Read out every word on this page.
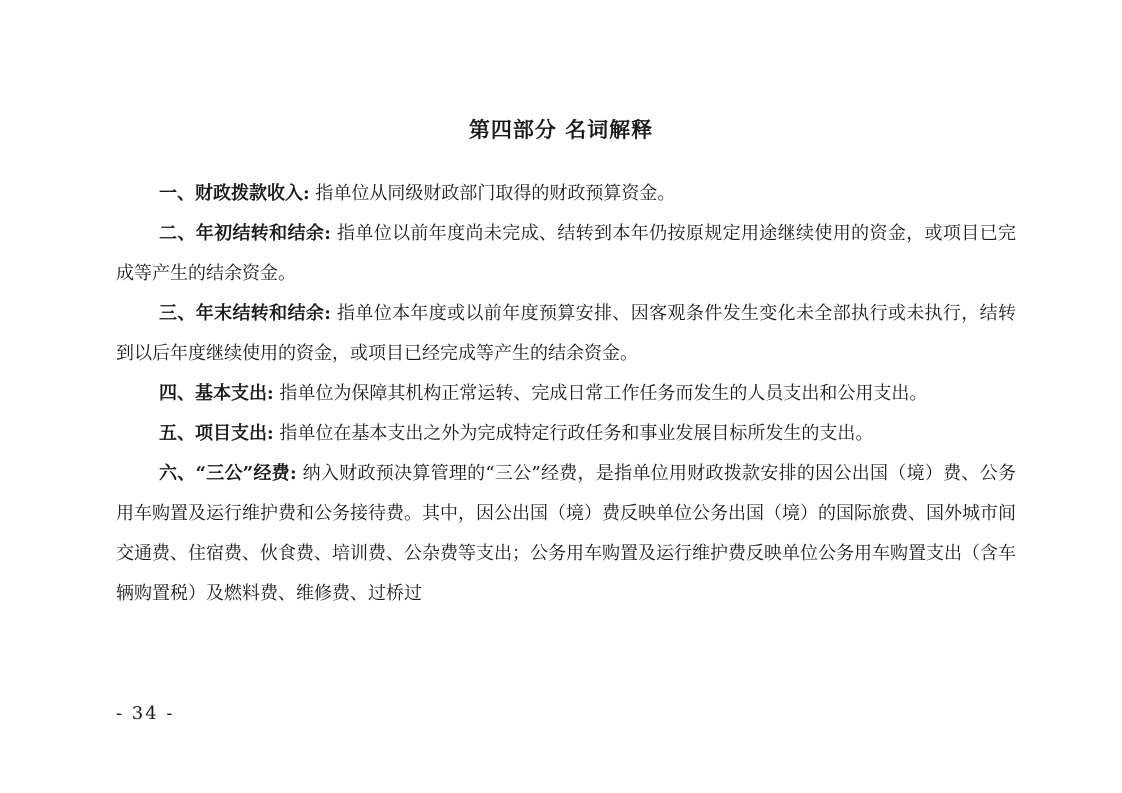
第四部分 名词解释

一、财政拨款收入: 指单位从同级财政部门取得的财政预算资金。

二、年初结转和结余: 指单位以前年度尚未完成、结转到本年仍按原规定用途继续使用的资金，或项目已完成等产生的结余资金。

三、年末结转和结余: 指单位本年度或以前年度预算安排、因客观条件发生变化未全部执行或未执行，结转到以后年度继续使用的资金，或项目已经完成等产生的结余资金。

四、基本支出: 指单位为保障其机构正常运转、完成日常工作任务而发生的人员支出和公用支出。

五、项目支出: 指单位在基本支出之外为完成特定行政任务和事业发展目标所发生的支出。

六、“三公”经费: 纳入财政预决算管理的“三公”经费，是指单位用财政拨款安排的因公出国（境）费、公务用车购置及运行维护费和公务接待费。其中，因公出国（境）费反映单位公务出国（境）的国际旅费、国外城市间交通费、住宿费、伙食费、培训费、公杂费等支出；公务用车购置及运行维护费反映单位公务用车购置支出（含车辆购置税）及燃料费、维修费、过桥过

- 34 -
